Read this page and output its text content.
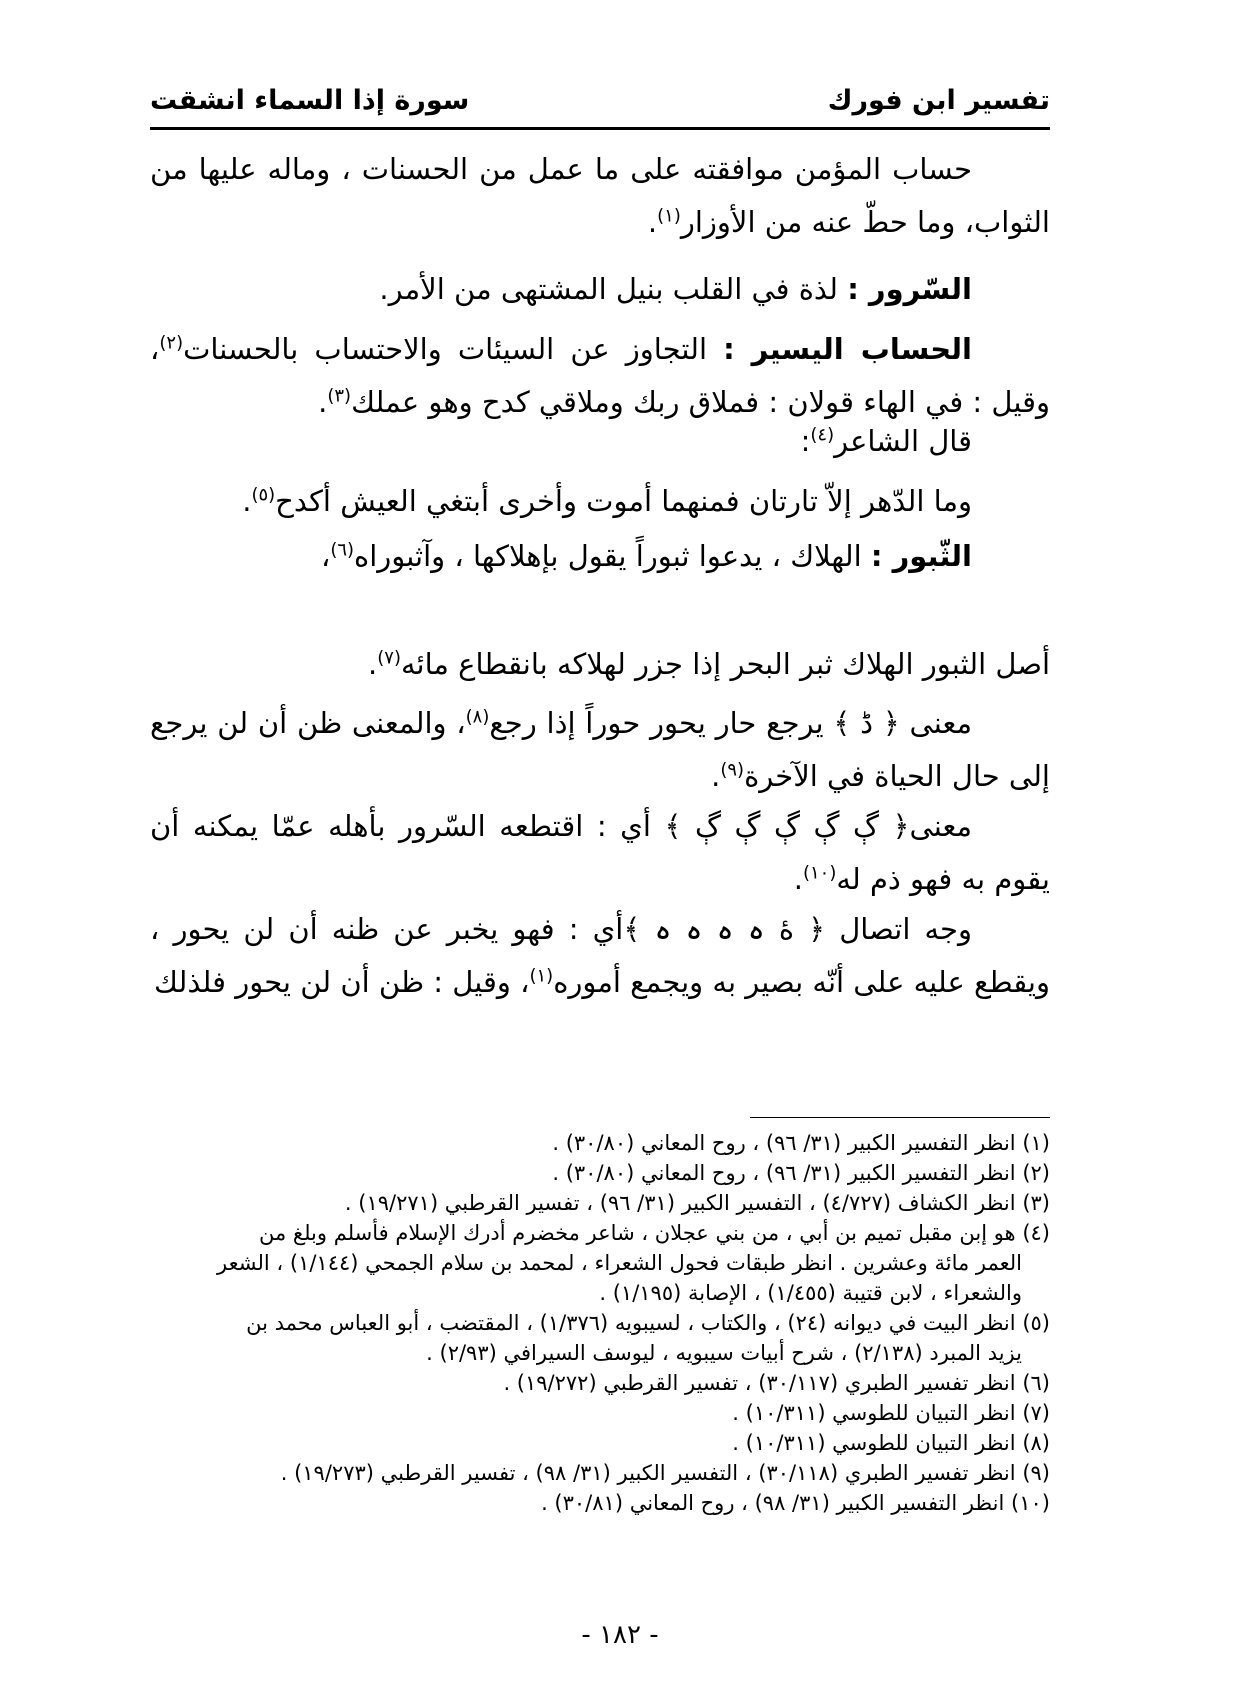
تفسير ابن فورك
سورة إذا السماء انشقت

حساب المؤمن موافقته على ما عمل من الحسنات ، وماله عليها من الثواب، وما حطّ عنه من الأوزار$^{(١)}$.

السّرور : لذة في القلب بنيل المشتهى من الأمر.

الحساب اليسير : التجاوز عن السيئات والاحتساب بالحسنات$^{(٢)}$، وقيل : في الهاء قولان : فملاق ربك وملاقي كدح وهو عملك$^{(٣)}$.

قال الشاعر$^{(٤)}$:

وما الدّهر إلاّ تارتان فمنهما أموت وأخرى أبتغي العيش أكدح$^{(٥)}$.

الثّبور : الهلاك ، يدعوا ثبوراً يقول بإهلاكها ، وآثبوراه$^{(٦)}$،

أصل الثبور الهلاك ثبر البحر إذا جزر لهلاكه بانقطاع مائه$^{(٧)}$.

معنى ﴿ ڈ ﴾ يرجع حار يحور حوراً إذا رجع$^{(٨)}$، والمعنى ظن أن لن يرجع إلى حال الحياة في الآخرة$^{(٩)}$.

معنى﴿ ڳ ڳ ڳ ڳ ڳ ﴾ أي : اقتطعه السّرور بأهله عمّا يمكنه أن يقوم به فهو ذم له$^{(١٠)}$.

وجه اتصال ﴿ ۀ ہ ہ ہ ہ ﴾أي : فهو يخبر عن ظنه أن لن يحور ، ويقطع عليه على أنّه بصير به ويجمع أموره$^{(١)}$، وقيل : ظن أن لن يحور فلذلك

(١) انظر التفسير الكبير (٣١/ ٩٦) ، روح المعاني (٣٠/٨٠) .

(٢) انظر التفسير الكبير (٣١/ ٩٦) ، روح المعاني (٣٠/٨٠) .

(٣) انظر الكشاف (٤/٧٢٧) ، التفسير الكبير (٣١/ ٩٦) ، تفسير القرطبي (١٩/٢٧١) .

(٤) هو إبن مقبل تميم بن أبي ، من بني عجلان ، شاعر مخضرم أدرك الإسلام فأسلم وبلغ من
العمر مائة وعشرين . انظر طبقات فحول الشعراء ، لمحمد بن سلام الجمحي (١/١٤٤) ، الشعر والشعراء ، لابن قتيبة (١/٤٥٥) ، الإصابة (١/١٩٥) .

(٥) انظر البيت في ديوانه (٢٤) ، والكتاب ، لسيبويه (١/٣٧٦) ، المقتضب ، أبو العباس محمد بن
يزيد المبرد (٢/١٣٨) ، شرح أبيات سيبويه ، ليوسف السيرافي (٢/٩٣) .

(٦) انظر تفسير الطبري (٣٠/١١٧) ، تفسير القرطبي (١٩/٢٧٢) .

(٧) انظر التبيان للطوسي (١٠/٣١١) .

(٨) انظر التبيان للطوسي (١٠/٣١١) .

(٩) انظر تفسير الطبري (٣٠/١١٨) ، التفسير الكبير (٣١/ ٩٨) ، تفسير القرطبي (١٩/٢٧٣) .

(١٠) انظر التفسير الكبير (٣١/ ٩٨) ، روح المعاني (٣٠/٨١) .

- ١٨٢ -
